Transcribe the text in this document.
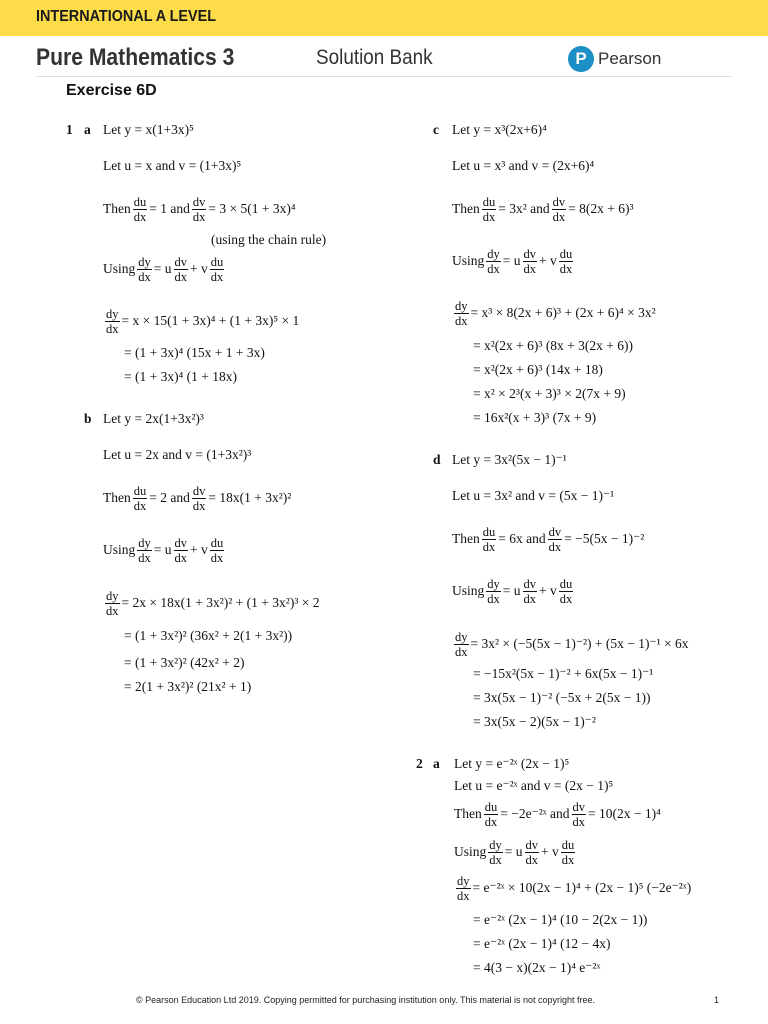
INTERNATIONAL A LEVEL
Pure Mathematics 3	Solution Bank	P Pearson
Exercise 6D
1 a Let y = x(1+3x)⁵
Let u = x and v = (1+3x)⁵
Then $\frac{du}{dx} = 1$ and $\frac{dv}{dx} = 3 \times 5(1 + 3x)^4$
(using the chain rule)
Using $\frac{dy}{dx} = u \frac{dv}{dx} + v \frac{du}{dx}$
$\frac{dy}{dx} = x \times 15(1 + 3x)^4 + (1 + 3x)^5 \times 1$
= (1 + 3x)⁴ (15x + 1 + 3x)
= (1 + 3x)⁴ (1 + 18x)
b Let y = 2x(1+3x²)³
Let u = 2x and v = (1+3x²)³
Then $\frac{du}{dx} = 2$ and $\frac{dv}{dx} = 18x(1 + 3x^2)^2$
Using $\frac{dy}{dx} = u \frac{dv}{dx} + v \frac{du}{dx}$
$\frac{dy}{dx} = 2x \times 18x(1 + 3x^2)^2 + (1 + 3x^2)^3 \times 2$
= (1 + 3x²)² (36x² + 2(1 + 3x²))
= (1 + 3x²)² (42x² + 2)
= 2(1 + 3x²)² (21x² + 1)
c Let y = x³(2x+6)⁴
Let u = x³ and v = (2x+6)⁴
Then $\frac{du}{dx} = 3x^2$ and $\frac{dv}{dx} = 8(2x + 6)^3$
Using $\frac{dy}{dx} = u \frac{dv}{dx} + v \frac{du}{dx}$
$\frac{dy}{dx} = x^3 \times 8(2x + 6)^3 + (2x + 6)^4 \times 3x^2$
= x²(2x + 6)³ (8x + 3(2x + 6))
= x²(2x + 6)³ (14x + 18)
= x² × 2³(x + 3)³ × 2(7x + 9)
= 16x²(x + 3)³ (7x + 9)
d Let y = 3x²(5x − 1)⁻¹
Let u = 3x² and v = (5x − 1)⁻¹
Then $\frac{du}{dx} = 6x$ and $\frac{dv}{dx} = -5(5x - 1)^{-2}$
Using $\frac{dy}{dx} = u \frac{dv}{dx} + v \frac{du}{dx}$
$\frac{dy}{dx} = 3x^2 \times (-5(5x - 1)^{-2}) + (5x - 1)^{-1} \times 6x$
= −15x²(5x − 1)⁻² + 6x(5x − 1)⁻¹
= 3x(5x − 1)⁻² (−5x + 2(5x − 1))
= 3x(5x − 2)(5x − 1)⁻²
2 a Let y = e⁻²ˣ (2x − 1)⁵
Let u = e⁻²ˣ and v = (2x − 1)⁵
Then $\frac{du}{dx}$ = −2e⁻²ˣ and $\frac{dv}{dx} = 10(2x - 1)^4$
Using $\frac{dy}{dx} = u \frac{dv}{dx} + v \frac{du}{dx}$
$\frac{dy}{dx}$ = e⁻²ˣ × 10(2x − 1)⁴ + (2x − 1)⁵ (−2e⁻²ˣ)
= e⁻²ˣ (2x − 1)⁴ (10 − 2(2x − 1))
= e⁻²ˣ (2x − 1)⁴ (12 − 4x)
= 4(3 − x)(2x − 1)⁴ e⁻²ˣ
© Pearson Education Ltd 2019. Copying permitted for purchasing institution only. This material is not copyright free.	1
